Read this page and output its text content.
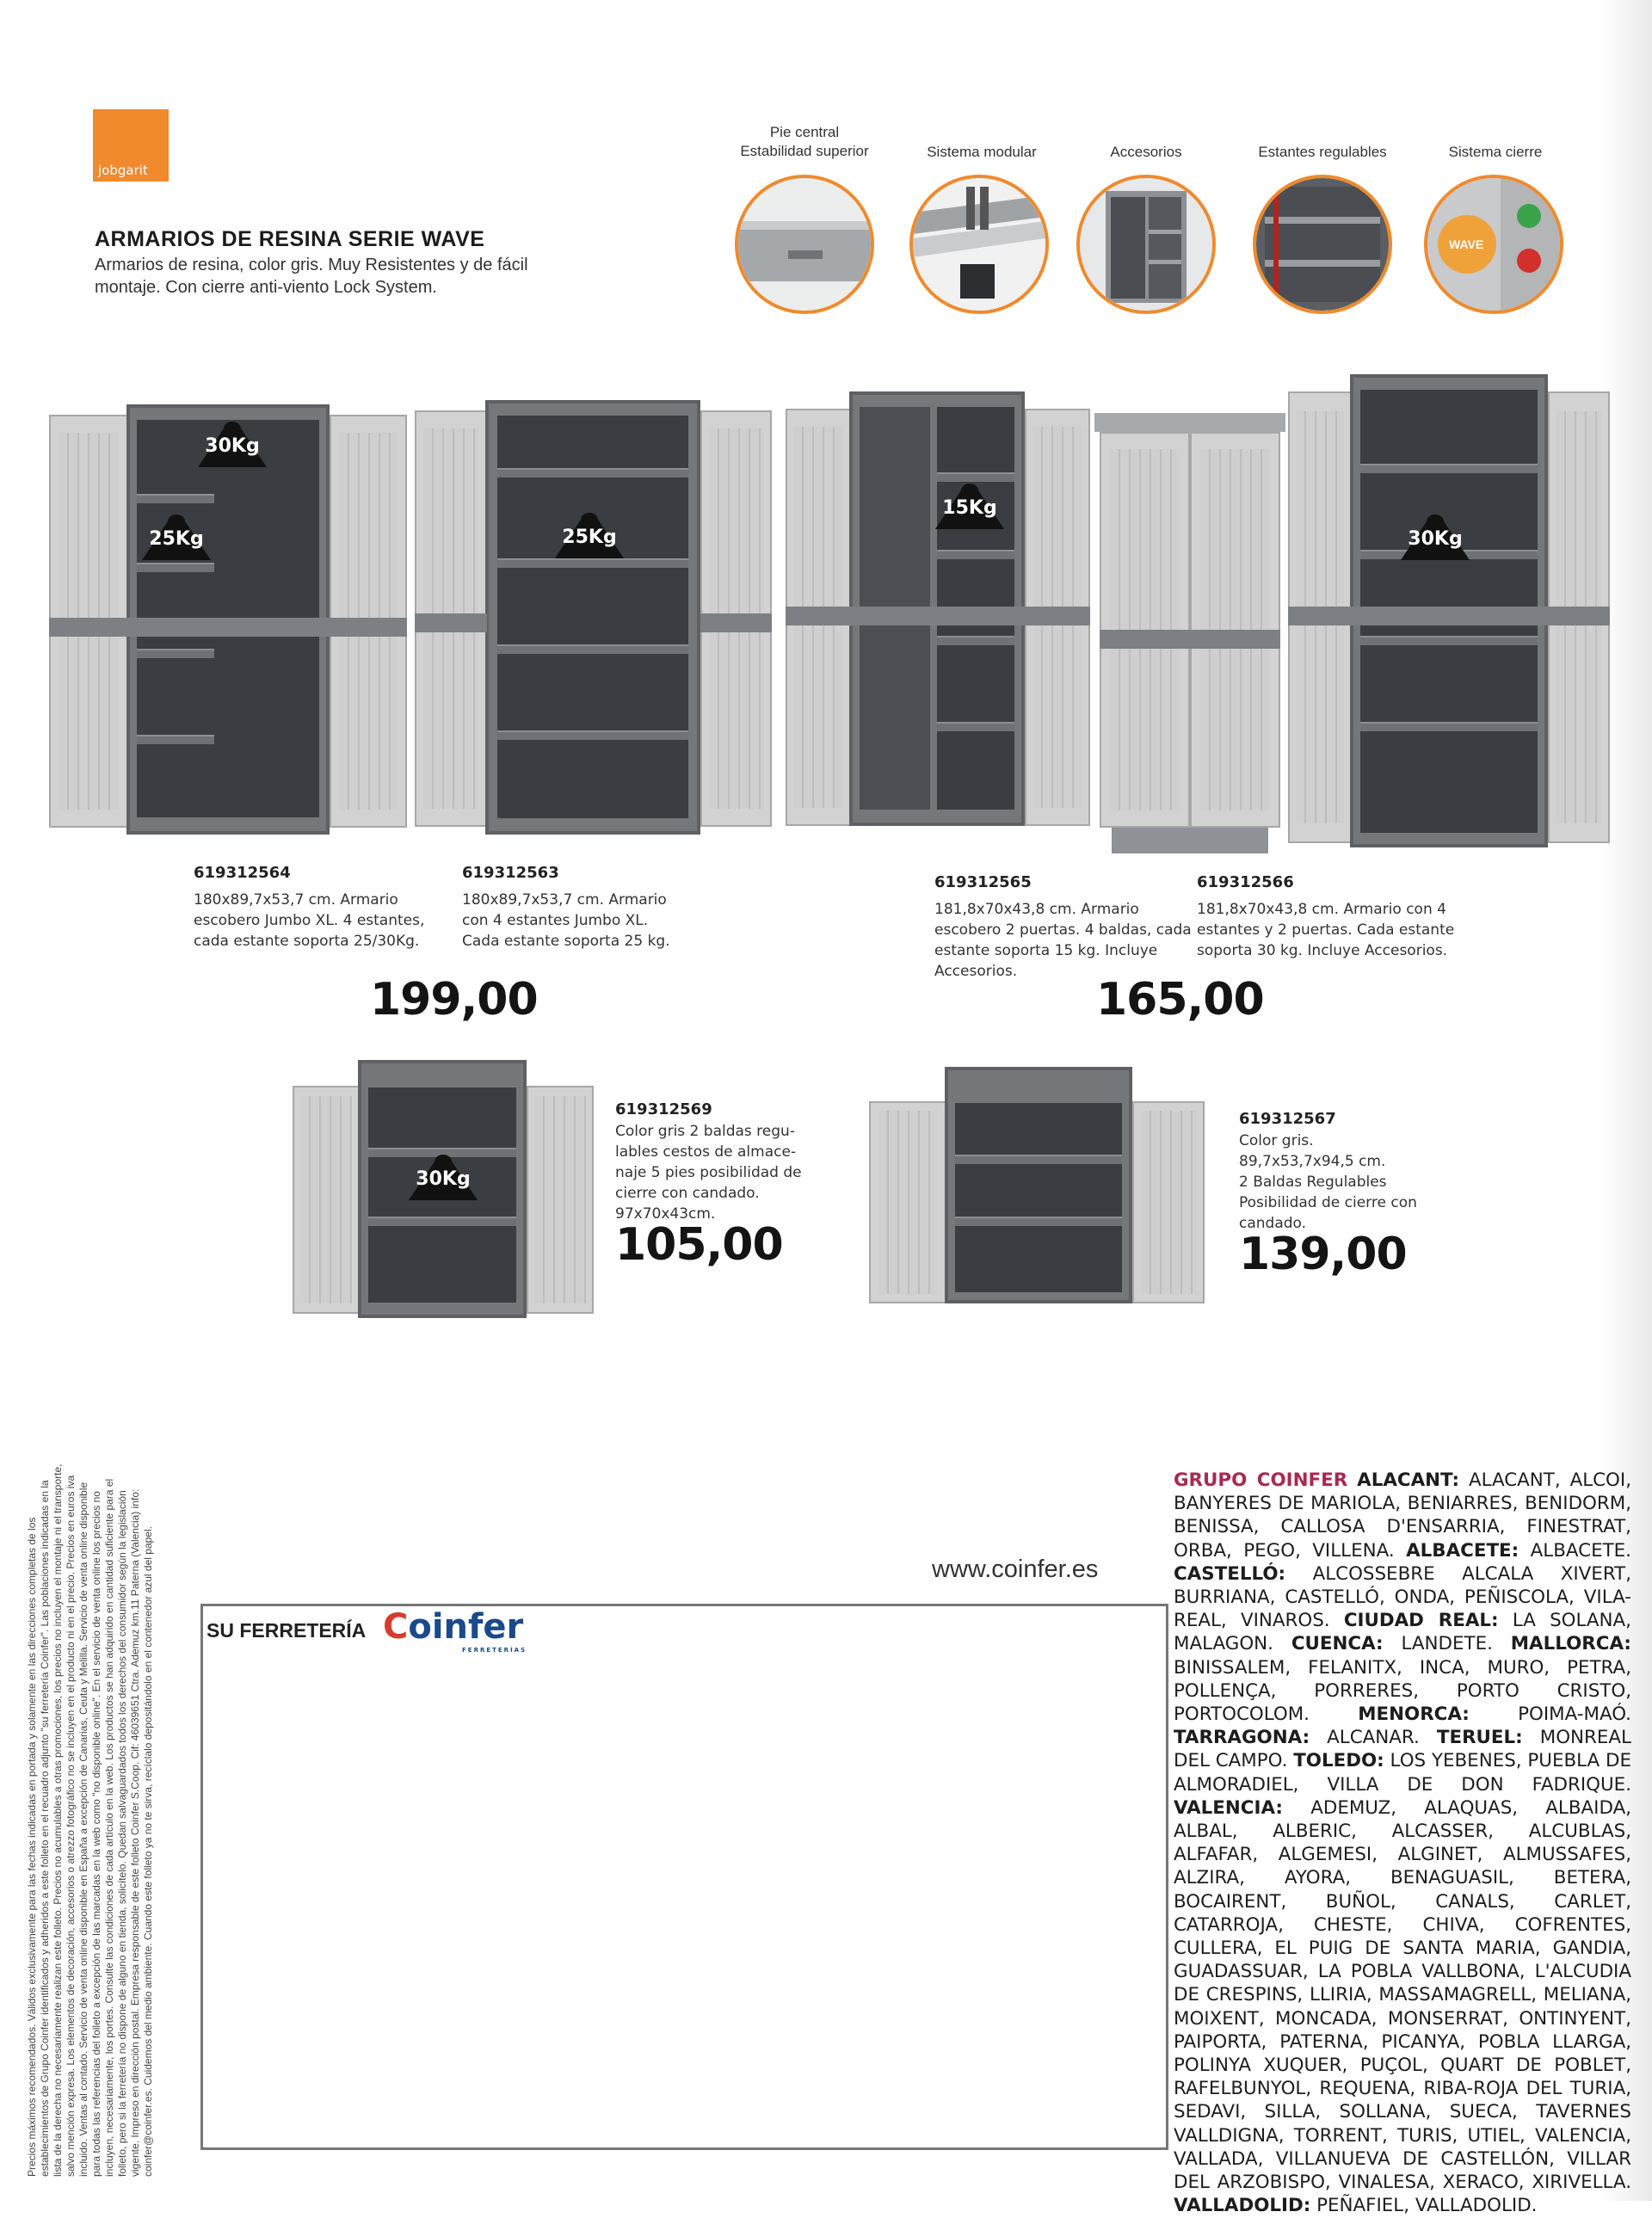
jobgarit
ARMARIOS DE RESINA SERIE WAVE
Armarios de resina, color gris. Muy Resistentes y de fácil
montaje. Con cierre anti-viento Lock System.
Pie central
Estabilidad superior	Sistema modular	Accesorios	Estantes regulables	Sistema cierre
WAVE
30Kg
25Kg	25Kg
15Kg
30Kg
619312564
180x89,7x53,7 cm. Armario
escobero Jumbo XL. 4 estantes,
cada estante soporta 25/30Kg.
619312563
180x89,7x53,7 cm. Armario
con 4 estantes Jumbo XL.
Cada estante soporta 25 kg.
199,00
619312565
181,8x70x43,8 cm. Armario
escobero 2 puertas. 4 baldas, cada
estante soporta 15 kg. Incluye
Accesorios.
619312566
181,8x70x43,8 cm. Armario con 4
estantes y 2 puertas. Cada estante
soporta 30 kg. Incluye Accesorios.
165,00
30Kg
619312569
Color gris 2 baldas regu-
lables cestos de almace-
naje 5 pies posibilidad de
cierre con candado.
97x70x43cm.
105,00
619312567
Color gris.
89,7x53,7x94,5 cm.
2 Baldas Regulables
Posibilidad de cierre con
candado.
139,00
Precios máximos recomendados. Válidos exclusivamente para las fechas indicadas en portada y solamente en las direcciones completas de los establecimientos de Grupo Coinfer identificados y adheridos a este folleto en el recuadro adjunto "su ferretería Coinfer". Las poblaciones indicadas en la lista de la derecha no necesariamente realizan este folleto. Precios no acumulables a otras promociones, los precios no incluyen el montaje ni el transporte, salvo mención expresa. Los elementos de decoración, accesorios o atrezzo fotográfico no se incluyen en el producto ni en el precio. Precios en euros iva incluido. Ventas al contado. Servicio de venta online disponible en España a excepción de Canarias, Ceuta y Melilla. Servicio de venta online disponible para todas las referencias del folleto a excepción de las marcadas en la web como "no disponible online". En el servicio de venta online los precios no incluyen, necesariamente, los portes. Consulte las condiciones de cada artículo en la web. Los productos se han adquirido en cantidad suficiente para el folleto, pero si la ferretería no dispone de alguno en tienda, solicítelo. Quedan salvaguardados todos los derechos del consumidor según la legislación vigente. Impreso en dirección postal. Empresa responsable de este folleto Coinfer S.Coop. Cif: 46039651 Ctra. Ademuz km.11 Paterna (Valencia) info: coinfer@coinfer.es. Cuidemos del medio ambiente. Cuando este folleto ya no te sirva, recíclalo depositándolo en el contenedor azul del papel.	www.coinfer.es
SU FERRETERÍA Coinfer
FERRETERÍAS
GRUPO COINFER ALACANT: ALACANT, ALCOI, BANYERES DE MARIOLA, BENIARRES, BENIDORM, BENISSA, CALLOSA D'ENSARRIA, FINESTRAT, ORBA, PEGO, VILLENA. ALBACETE: ALBACETE. CASTELLÓ: ALCOSSEBRE ALCALA XIVERT, BURRIANA, CASTELLÓ, ONDA, PEÑISCOLA, VILA-REAL, VINAROS. CIUDAD REAL: LA SOLANA, MALAGON. CUENCA: LANDETE. MALLORCA: BINISSALEM, FELANITX, INCA, MURO, PETRA, POLLENÇA, PORRERES, PORTO CRISTO, PORTOCOLOM.	MENORCA:	POIMA-MAÓ. TARRAGONA: ALCANAR. TERUEL: MONREAL DEL CAMPO. TOLEDO: LOS YEBENES, PUEBLA DE ALMORADIEL, VILLA DE DON FADRIQUE. VALENCIA: ADEMUZ, ALAQUAS, ALBAIDA, ALBAL, ALBERIC, ALCASSER, ALCUBLAS, ALFAFAR, ALGEMESI, ALGINET, ALMUSSAFES, ALZIRA, AYORA, BENAGUASIL, BETERA, BOCAIRENT, BUÑOL, CANALS, CARLET, CATARROJA, CHESTE, CHIVA, COFRENTES, CULLERA, EL PUIG DE SANTA MARIA, GANDIA, GUADASSUAR, LA POBLA VALLBONA, L'ALCUDIA DE CRESPINS, LLIRIA, MASSAMAGRELL, MELIANA, MOIXENT, MONCADA, MONSERRAT, ONTINYENT, PAIPORTA, PATERNA, PICANYA, POBLA LLARGA, POLINYA XUQUER, PUÇOL, QUART DE POBLET, RAFELBUNYOL, REQUENA, RIBA-ROJA DEL TURIA, SEDAVI, SILLA, SOLLANA, SUECA, TAVERNES VALLDIGNA, TORRENT, TURIS, UTIEL, VALENCIA, VALLADA, VILLANUEVA DE CASTELLÓN, VILLAR DEL ARZOBISPO, VINALESA, XERACO, XIRIVELLA. VALLADOLID: PEÑAFIEL, VALLADOLID.
